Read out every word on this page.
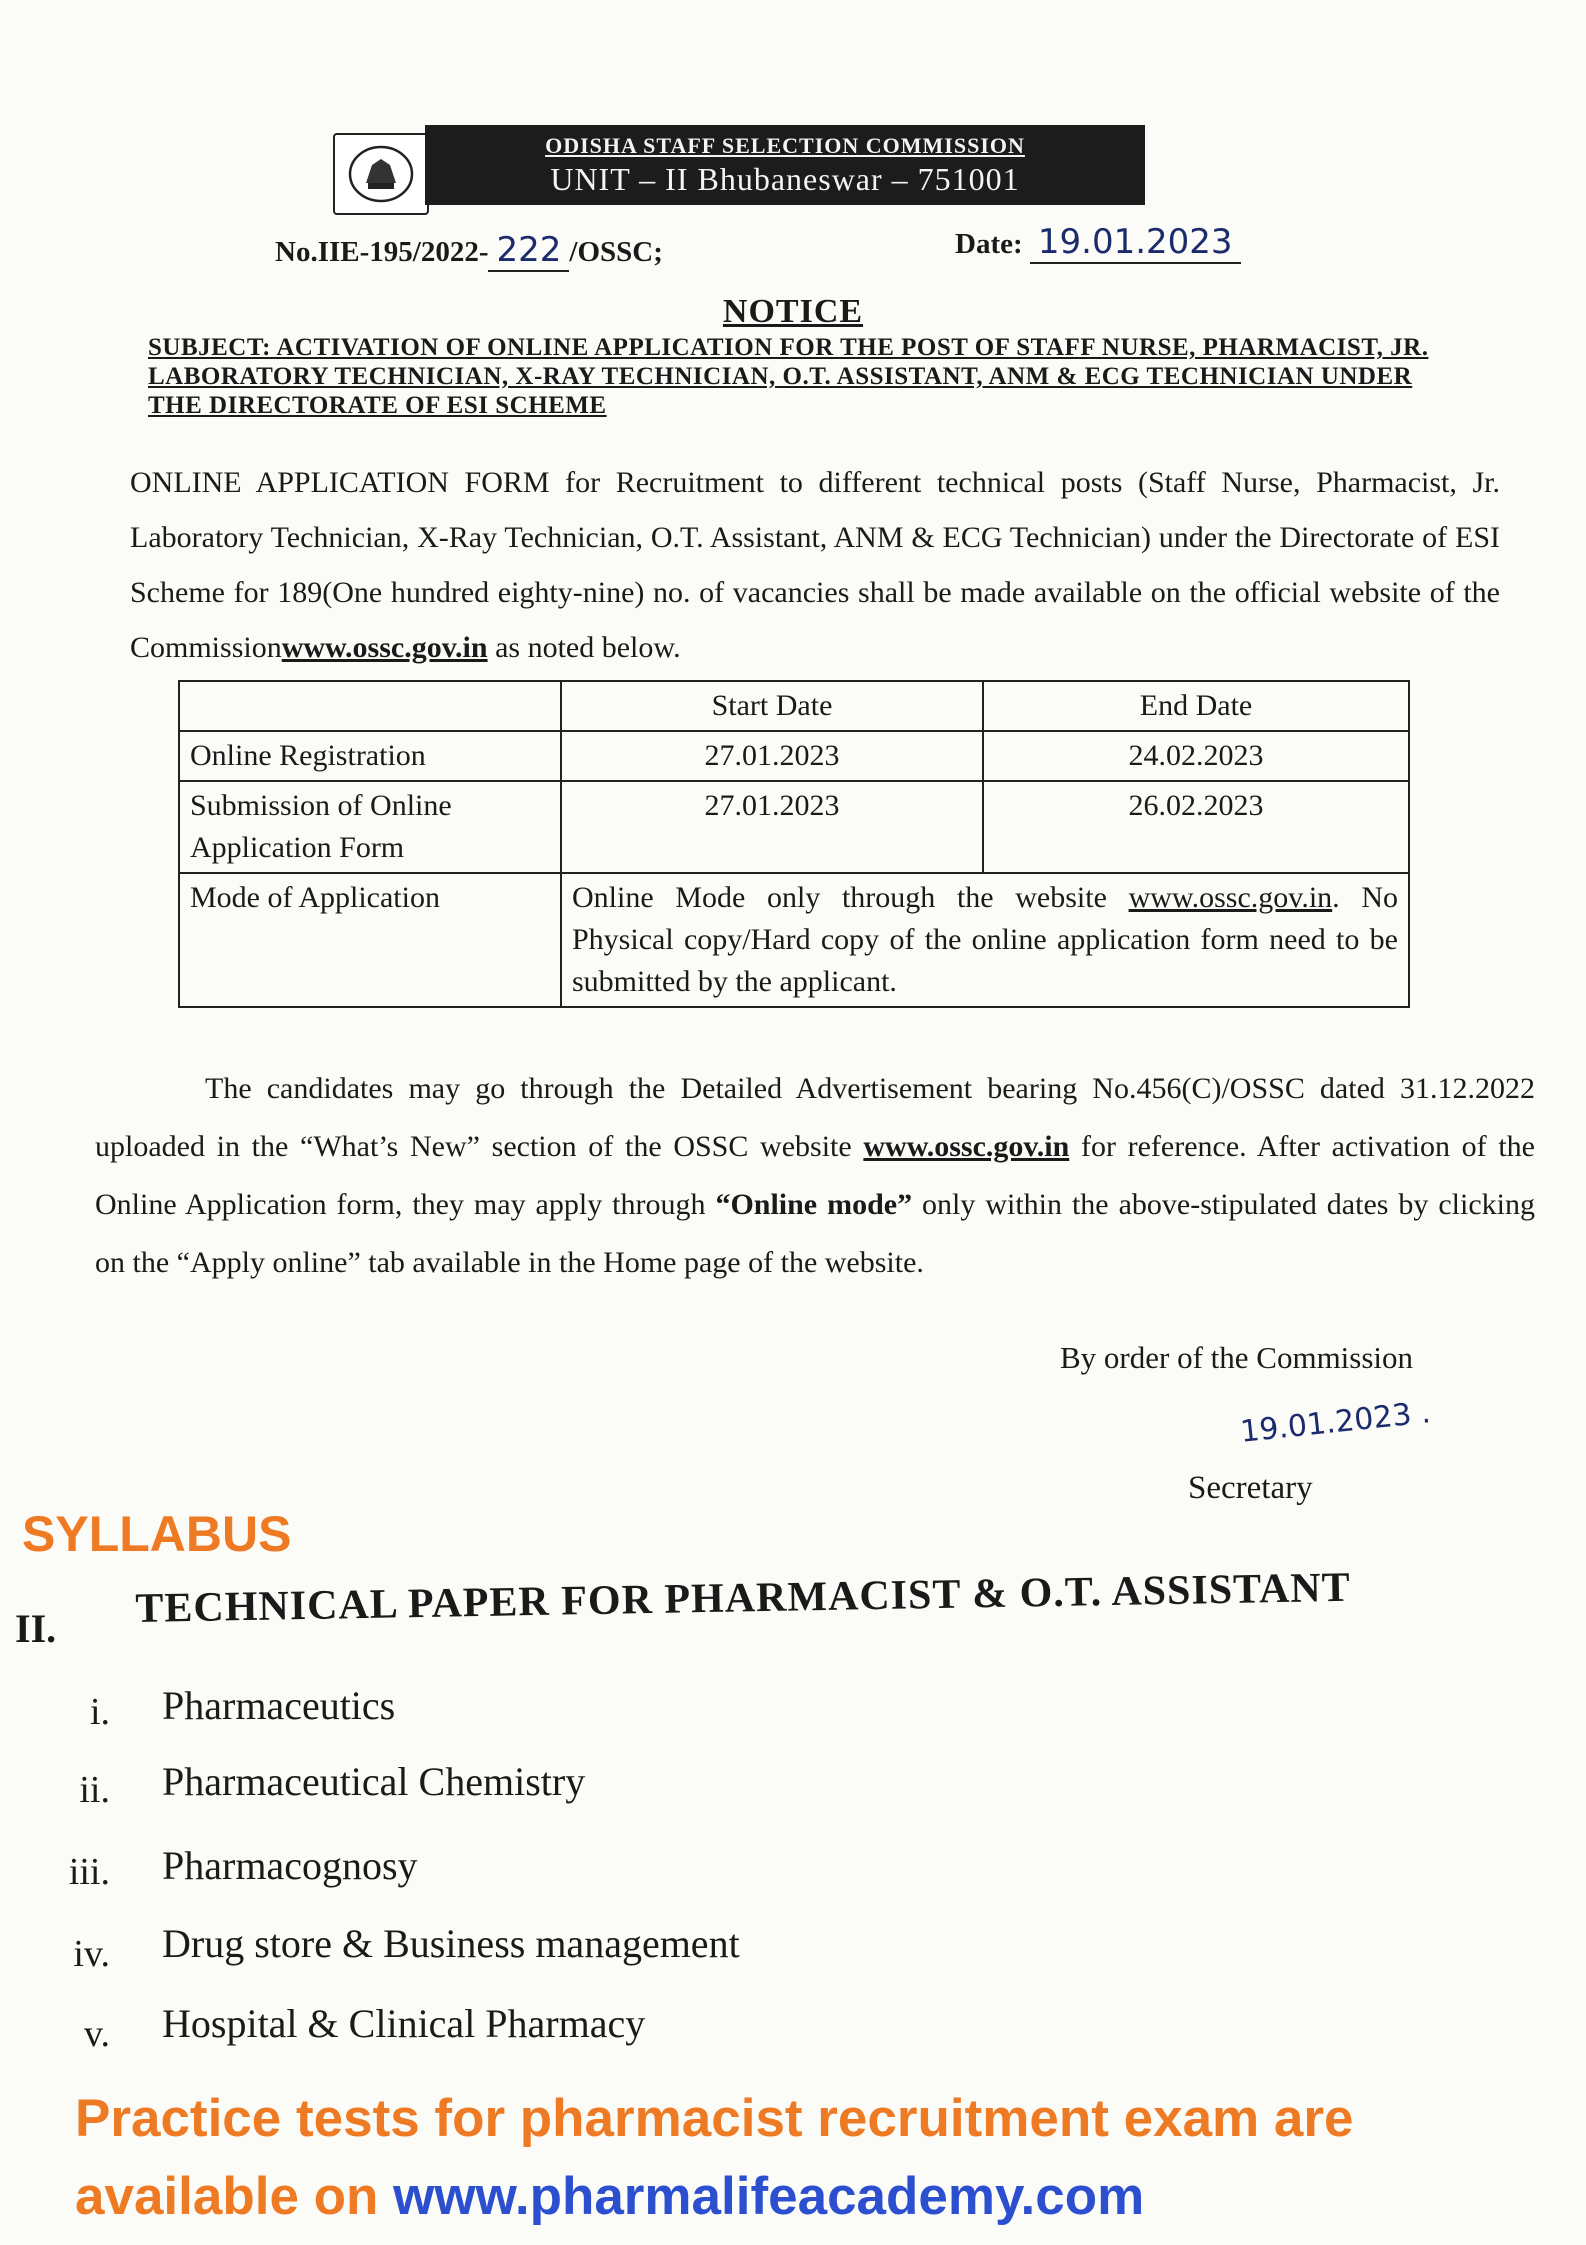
ODISHA STAFF SELECTION COMMISSION
UNIT – II Bhubaneswar – 751001
No.IIE-195/2022- 222 /OSSC;	Date: 19.01.2023
NOTICE
SUBJECT: ACTIVATION OF ONLINE APPLICATION FOR THE POST OF STAFF NURSE, PHARMACIST, JR. LABORATORY TECHNICIAN, X-RAY TECHNICIAN, O.T. ASSISTANT, ANM & ECG TECHNICIAN UNDER THE DIRECTORATE OF ESI SCHEME
ONLINE APPLICATION FORM for Recruitment to different technical posts (Staff Nurse, Pharmacist, Jr. Laboratory Technician, X-Ray Technician, O.T. Assistant, ANM & ECG Technician) under the Directorate of ESI Scheme for 189(One hundred eighty-nine) no. of vacancies shall be made available on the official website of the Commissionwww.ossc.gov.in as noted below.
	Start Date	End Date
Online Registration	27.01.2023	24.02.2023
Submission of Online Application Form	27.01.2023	26.02.2023
Mode of Application	Online Mode only through the website www.ossc.gov.in. No Physical copy/Hard copy of the online application form need to be submitted by the applicant.	
The candidates may go through the Detailed Advertisement bearing No.456(C)/OSSC dated 31.12.2022 uploaded in the “What’s New” section of the OSSC website www.ossc.gov.in for reference. After activation of the Online Application form, they may apply through “Online mode” only within the above-stipulated dates by clicking on the “Apply online” tab available in the Home page of the website.
By order of the Commission
19.01.2023 .
Secretary
SYLLABUS
II. TECHNICAL PAPER FOR PHARMACIST & O.T. ASSISTANT
i. Pharmaceutics
ii. Pharmaceutical Chemistry
iii. Pharmacognosy
iv. Drug store & Business management
v. Hospital & Clinical Pharmacy
Practice tests for pharmacist recruitment exam are available on www.pharmalifeacademy.com
